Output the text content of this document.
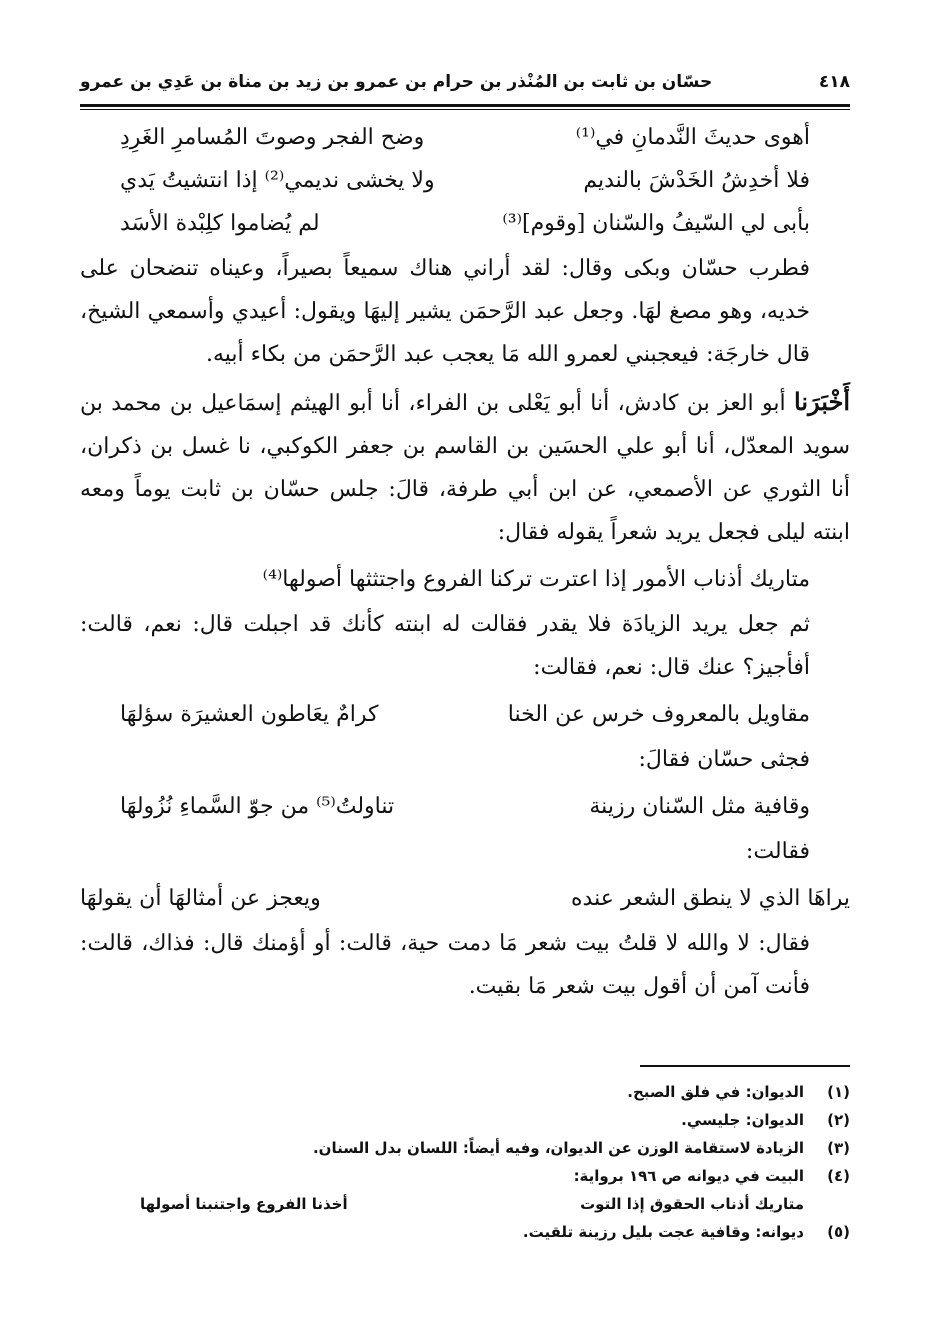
٤١٨
حسّان بن ثابت بن المُنْذر بن حرام بن عمرو بن زيد بن مناة بن عَدِي بن عمرو
أهوى حديثَ النَّدمانِ في⁽¹⁾
وضح الفجر وصوتَ المُسامرِ الغَرِدِ
فلا أخدِشُ الخَدْشَ بالنديم
ولا يخشى نديمي⁽²⁾ إذا انتشيتُ يَدي
بأبى لي السّيفُ والسّنان [وقوم]⁽³⁾
لم يُضاموا كلِبْدة الأسَد

فطرب حسّان وبكى وقال: لقد أراني هناك سميعاً بصيراً، وعيناه تنضحان على خديه، وهو مصغ لهَا. وجعل عبد الرَّحمَن يشير إليهَا ويقول: أعيدي وأسمعي الشيخ، قال خارجَة: فيعجبني لعمرو الله مَا يعجب عبد الرَّحمَن من بكاء أبيه.

أَخْبَرَنا أبو العز بن كادش، أنا أبو يَعْلى بن الفراء، أنا أبو الهيثم إسمَاعيل بن محمد بن سويد المعدّل، أنا أبو علي الحسَين بن القاسم بن جعفر الكوكبي، نا غسل بن ذكران، أنا الثوري عن الأصمعي، عن ابن أبي طرفة، قالَ: جلس حسّان بن ثابت يوماً ومعه ابنته ليلى فجعل يريد شعراً يقوله فقال:

متاريك أذناب الأمور إذا اعترت تركنا الفروع واجتثثها أصولها⁽⁴⁾

ثم جعل يريد الزيادَة فلا يقدر فقالت له ابنته كأنك قد اجبلت قال: نعم، قالت: أفأجيز؟ عنك قال: نعم، فقالت:

مقاويل بالمعروف خرس عن الخنا
كرامٌ يعَاطون العشيرَة سؤلهَا

فجثى حسّان فقالَ:

وقافية مثل السّنان رزينة
تناولتُ⁽⁵⁾ من جوّ السَّماءِ نُزُولهَا

فقالت:

يراهَا الذي لا ينطق الشعر عنده
ويعجز عن أمثالهَا أن يقولهَا

فقال: لا والله لا قلتُ بيت شعر مَا دمت حية، قالت: أو أؤمنك قال: فذاك، قالت: فأنت آمن أن أقول بيت شعر مَا بقيت.

(١)
الديوان: في فلق الصبح.
(٢)
الديوان: جليسي.
(٣)
الزيادة لاستقامة الوزن عن الديوان، وفيه أيضاً: اللسان بدل السنان.
(٤)
البيت في ديوانه ص ١٩٦ برواية:
متاريك أذناب الحقوق إذا التوت
أخذنا الفروع واجتنبنا أصولها
(٥)
ديوانه: وقافية عجت بليل رزينة تلقيت.
